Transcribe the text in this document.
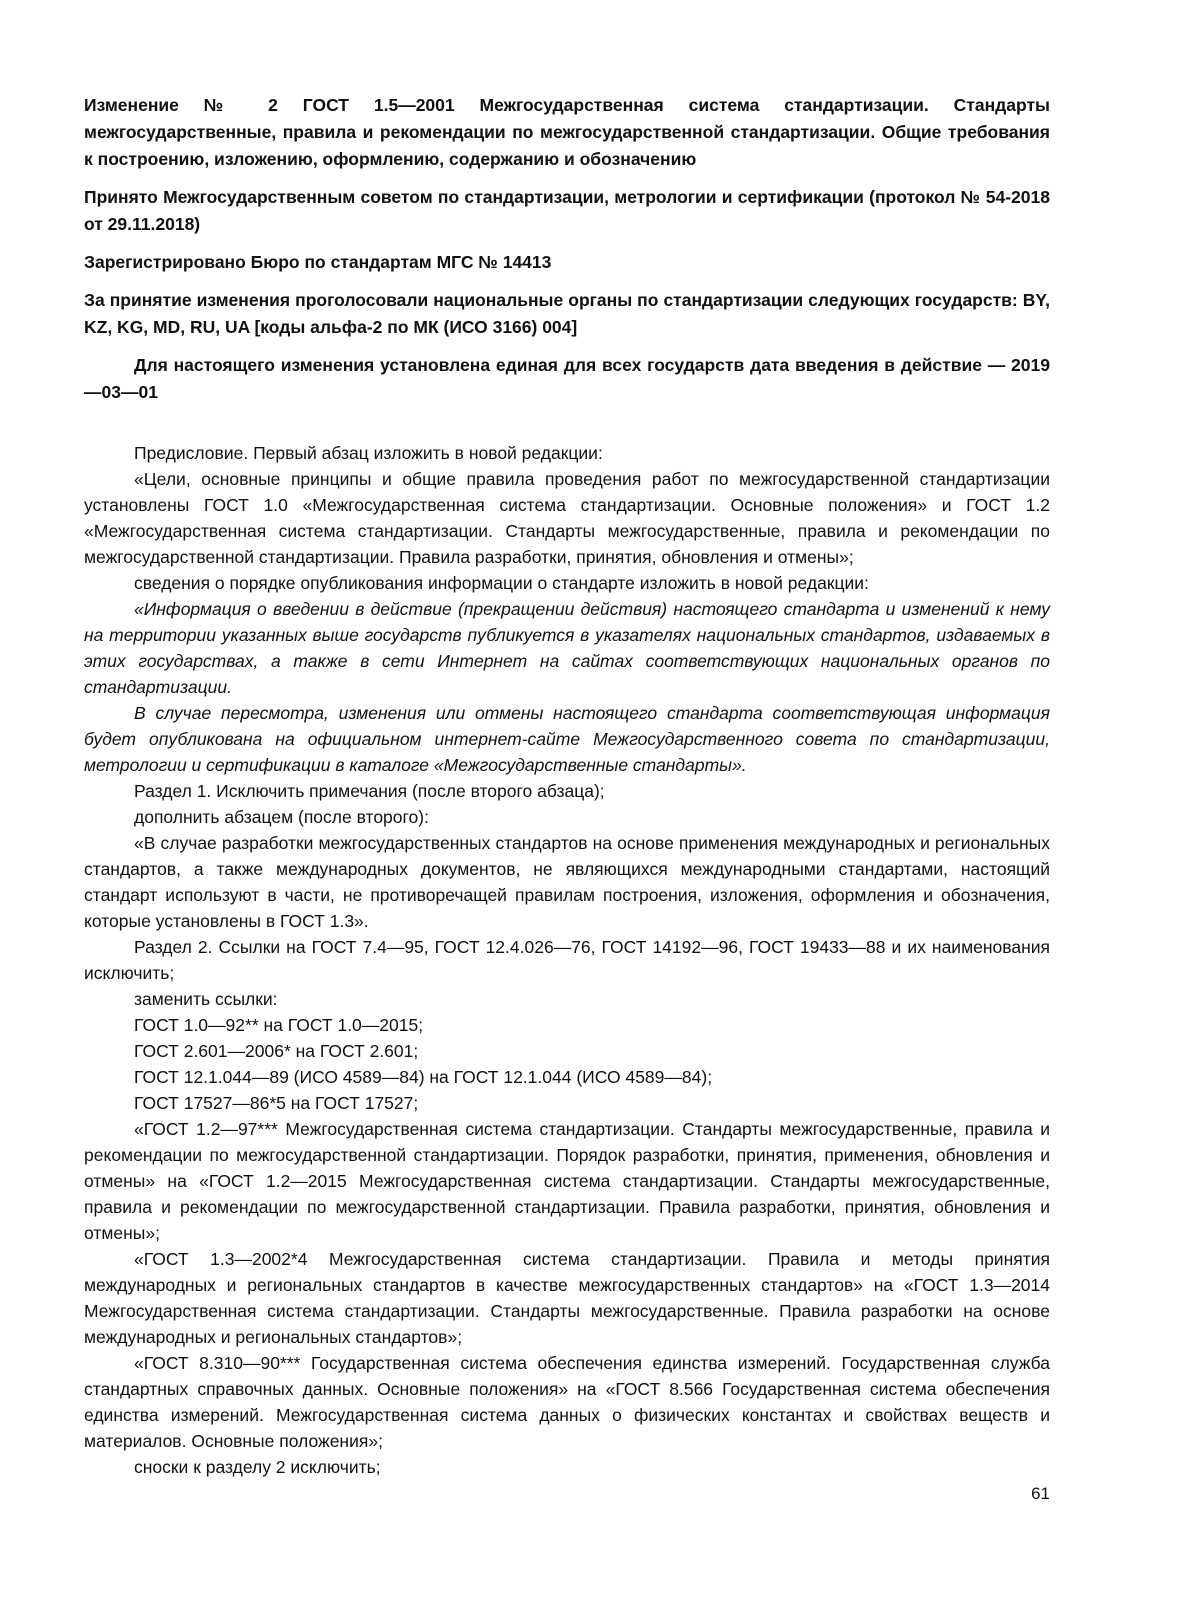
Изменение № 2 ГОСТ 1.5—2001 Межгосударственная система стандартизации. Стандарты межгосударственные, правила и рекомендации по межгосударственной стандартизации. Общие требования к построению, изложению, оформлению, содержанию и обозначению

Принято Межгосударственным советом по стандартизации, метрологии и сертификации (протокол № 54-2018 от 29.11.2018)

Зарегистрировано Бюро по стандартам МГС № 14413

За принятие изменения проголосовали национальные органы по стандартизации следующих государств: BY, KZ, KG, MD, RU, UA [коды альфа-2 по МК (ИСО 3166) 004]

Для настоящего изменения установлена единая для всех государств дата введения в действие — 2019—03—01

Предисловие. Первый абзац изложить в новой редакции:

«Цели, основные принципы и общие правила проведения работ по межгосударственной стандартизации установлены ГОСТ 1.0 «Межгосударственная система стандартизации. Основные положения» и ГОСТ 1.2 «Межгосударственная система стандартизации. Стандарты межгосударственные, правила и рекомендации по межгосударственной стандартизации. Правила разработки, принятия, обновления и отмены»;

сведения о порядке опубликования информации о стандарте изложить в новой редакции:

«Информация о введении в действие (прекращении действия) настоящего стандарта и изменений к нему на территории указанных выше государств публикуется в указателях национальных стандартов, издаваемых в этих государствах, а также в сети Интернет на сайтах соответствующих национальных органов по стандартизации.

В случае пересмотра, изменения или отмены настоящего стандарта соответствующая информация будет опубликована на официальном интернет-сайте Межгосударственного совета по стандартизации, метрологии и сертификации в каталоге «Межгосударственные стандарты».

Раздел 1. Исключить примечания (после второго абзаца);

дополнить абзацем (после второго):

«В случае разработки межгосударственных стандартов на основе применения международных и региональных стандартов, а также международных документов, не являющихся международными стандартами, настоящий стандарт используют в части, не противоречащей правилам построения, изложения, оформления и обозначения, которые установлены в ГОСТ 1.3».

Раздел 2. Ссылки на ГОСТ 7.4—95, ГОСТ 12.4.026—76, ГОСТ 14192—96, ГОСТ 19433—88 и их наименования исключить;

заменить ссылки:

ГОСТ 1.0—92** на ГОСТ 1.0—2015;

ГОСТ 2.601—2006* на ГОСТ 2.601;

ГОСТ 12.1.044—89 (ИСО 4589—84) на ГОСТ 12.1.044 (ИСО 4589—84);

ГОСТ 17527—86*5 на ГОСТ 17527;

«ГОСТ 1.2—97*** Межгосударственная система стандартизации. Стандарты межгосударственные, правила и рекомендации по межгосударственной стандартизации. Порядок разработки, принятия, применения, обновления и отмены» на «ГОСТ 1.2—2015 Межгосударственная система стандартизации. Стандарты межгосударственные, правила и рекомендации по межгосударственной стандартизации. Правила разработки, принятия, обновления и отмены»;

«ГОСТ 1.3—2002*4 Межгосударственная система стандартизации. Правила и методы принятия международных и региональных стандартов в качестве межгосударственных стандартов» на «ГОСТ 1.3—2014 Межгосударственная система стандартизации. Стандарты межгосударственные. Правила разработки на основе международных и региональных стандартов»;

«ГОСТ 8.310—90*** Государственная система обеспечения единства измерений. Государственная служба стандартных справочных данных. Основные положения» на «ГОСТ 8.566 Государственная система обеспечения единства измерений. Межгосударственная система данных о физических константах и свойствах веществ и материалов. Основные положения»;

сноски к разделу 2 исключить;

61
